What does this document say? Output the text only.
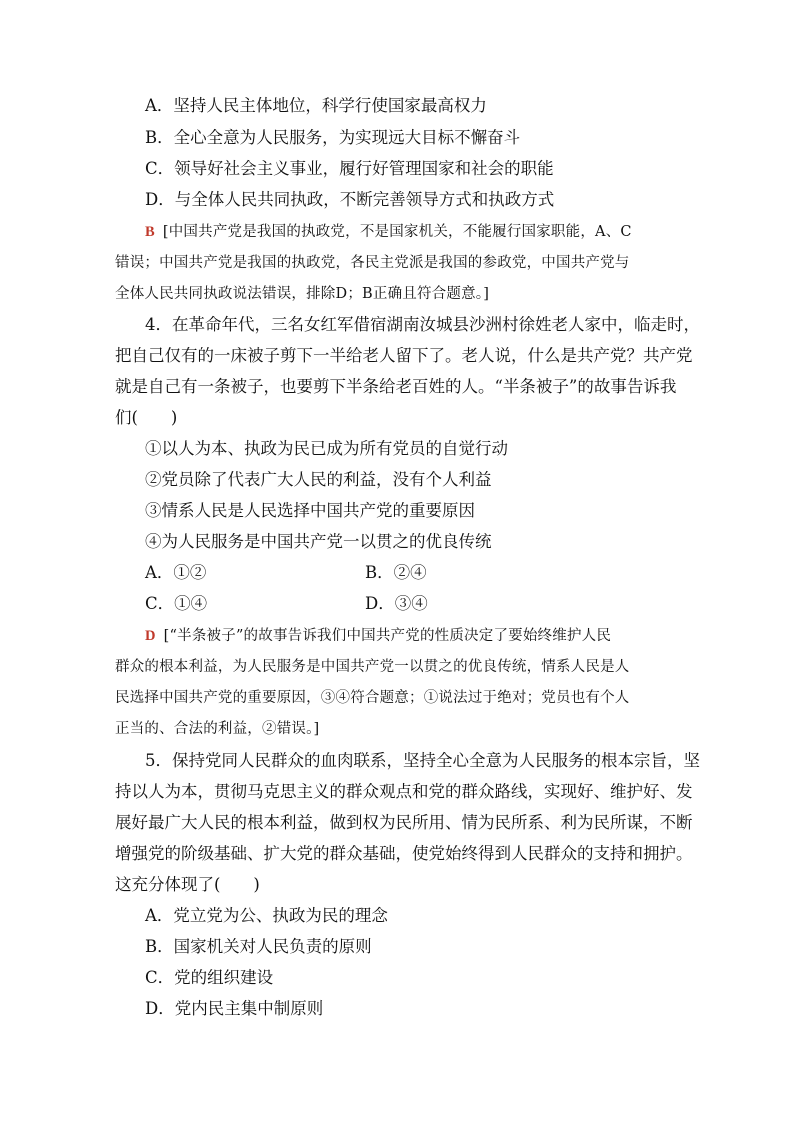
A．坚持人民主体地位，科学行使国家最高权力
B．全心全意为人民服务，为实现远大目标不懈奋斗
C．领导好社会主义事业，履行好管理国家和社会的职能
D．与全体人民共同执政，不断完善领导方式和执政方式
B [中国共产党是我国的执政党，不是国家机关，不能履行国家职能，A、C
错误；中国共产党是我国的执政党，各民主党派是我国的参政党，中国共产党与
全体人民共同执政说法错误，排除D；B正确且符合题意。]
4．在革命年代，三名女红军借宿湖南汝城县沙洲村徐姓老人家中，临走时，
把自己仅有的一床被子剪下一半给老人留下了。老人说，什么是共产党？共产党
就是自己有一条被子，也要剪下半条给老百姓的人。“半条被子”的故事告诉我
们(　　)
①以人为本、执政为民已成为所有党员的自觉行动
②党员除了代表广大人民的利益，没有个人利益
③情系人民是人民选择中国共产党的重要原因
④为人民服务是中国共产党一以贯之的优良传统
A．①②	B．②④
C．①④	D．③④
D [“半条被子”的故事告诉我们中国共产党的性质决定了要始终维护人民
群众的根本利益，为人民服务是中国共产党一以贯之的优良传统，情系人民是人
民选择中国共产党的重要原因，③④符合题意；①说法过于绝对；党员也有个人
正当的、合法的利益，②错误。]
5．保持党同人民群众的血肉联系，坚持全心全意为人民服务的根本宗旨，坚
持以人为本，贯彻马克思主义的群众观点和党的群众路线，实现好、维护好、发
展好最广大人民的根本利益，做到权为民所用、情为民所系、利为民所谋，不断
增强党的阶级基础、扩大党的群众基础，使党始终得到人民群众的支持和拥护。
这充分体现了(　　)
A．党立党为公、执政为民的理念
B．国家机关对人民负责的原则
C．党的组织建设
D．党内民主集中制原则
